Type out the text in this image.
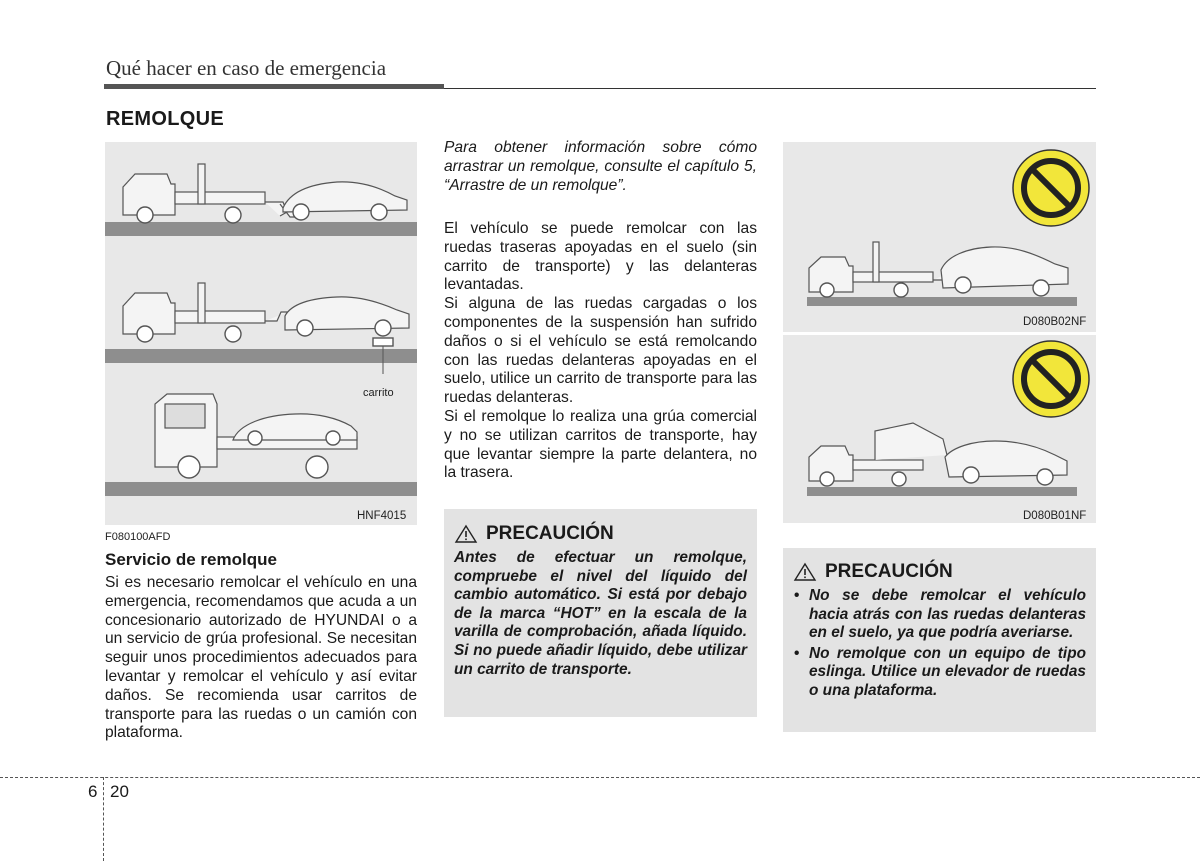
Qué hacer en caso de emergencia
REMOLQUE
carrito
HNF4015
F080100AFD
Servicio de remolque
Si es necesario remolcar el vehículo en una emergencia, recomendamos que acuda a un concesionario autorizado de HYUNDAI o a un servicio de grúa profesional. Se necesitan seguir unos procedimientos adecuados para levantar y remolcar el vehículo y así evitar daños. Se recomienda usar carritos de transporte para las ruedas o un camión con plataforma.
Para obtener información sobre cómo arrastrar un remolque, consulte el capítulo 5, “Arrastre de un remolque”.

El vehículo se puede remolcar con las ruedas traseras apoyadas en el suelo (sin carrito de transporte) y las delanteras levantadas.

Si alguna de las ruedas cargadas o los componentes de la suspensión han sufrido daños o si el vehículo se está remolcando con las ruedas delanteras apoyadas en el suelo, utilice un carrito de transporte para las ruedas delanteras.

Si el remolque lo realiza una grúa comercial y no se utilizan carritos de transporte, hay que levantar siempre la parte delantera, no la trasera.

PRECAUCIÓN
Antes de efectuar un remolque, compruebe el nivel del líquido del cambio automático. Si está por debajo de la marca “HOT” en la escala de la varilla de comprobación, añada líquido. Si no puede añadir líquido, debe utilizar un carrito de transporte.
D080B02NF
D080B01NF
PRECAUCIÓN
• No se debe remolcar el vehículo hacia atrás con las ruedas delanteras en el suelo, ya que podría averiarse.
• No remolque con un equipo de tipo eslinga. Utilice un elevador de ruedas o una plataforma.
6 20
